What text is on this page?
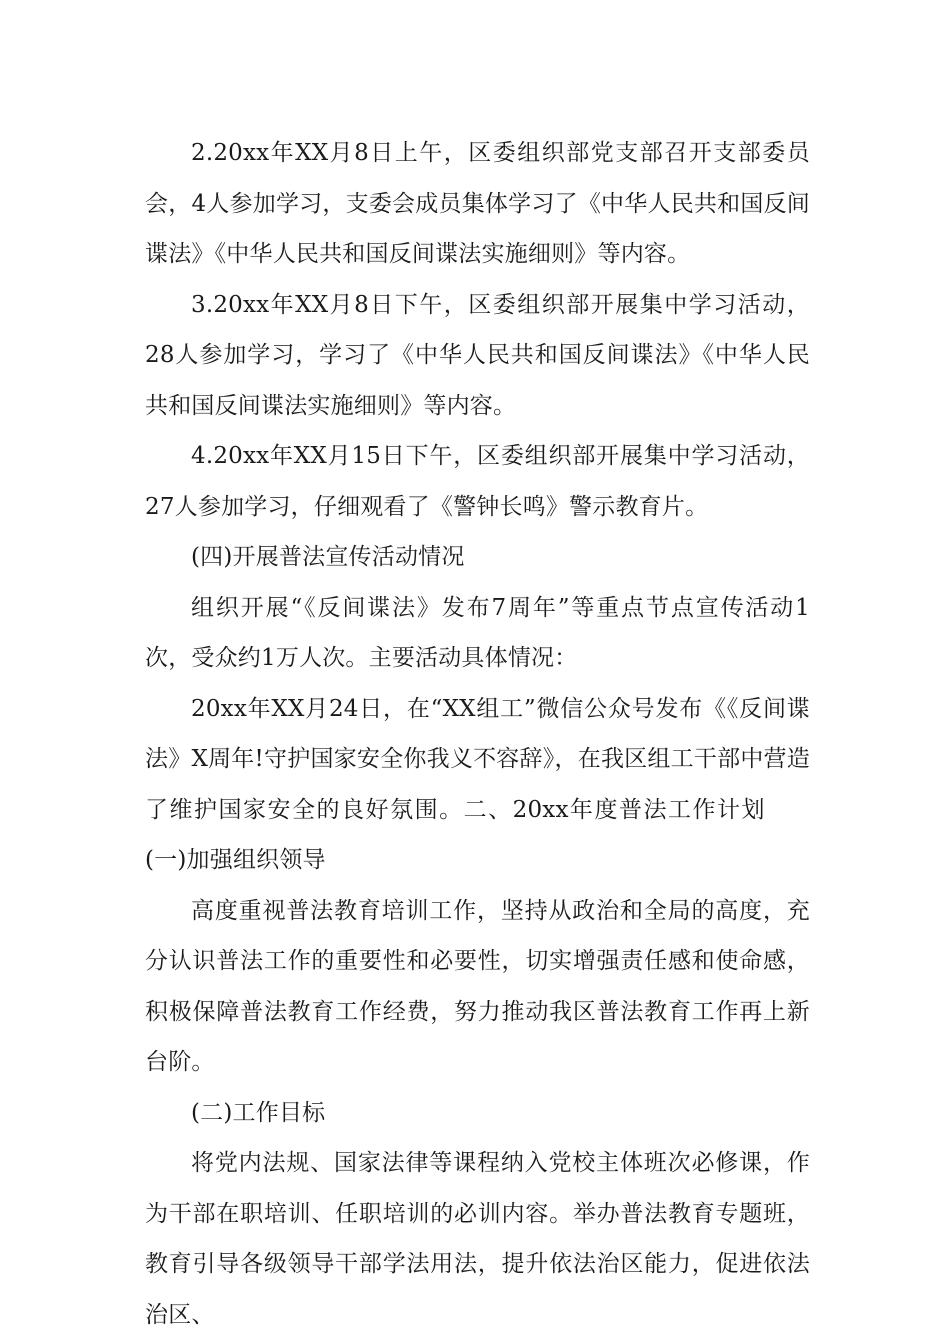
2.20xx年XX月8日上午，区委组织部党支部召开支部委员会，4人参加学习，支委会成员集体学习了《中华人民共和国反间谍法》《中华人民共和国反间谍法实施细则》等内容。

3.20xx年XX月8日下午，区委组织部开展集中学习活动，28人参加学习，学习了《中华人民共和国反间谍法》《中华人民共和国反间谍法实施细则》等内容。

4.20xx年XX月15日下午，区委组织部开展集中学习活动，27人参加学习，仔细观看了《警钟长鸣》警示教育片。

(四)开展普法宣传活动情况

组织开展“《反间谍法》发布7周年”等重点节点宣传活动1次，受众约1万人次。主要活动具体情况：

20xx年XX月24日，在“XX组工”微信公众号发布《《反间谍法》X周年!守护国家安全你我义不容辞》，在我区组工干部中营造了维护国家安全的良好氛围。二、20xx年度普法工作计划(一)加强组织领导

高度重视普法教育培训工作，坚持从政治和全局的高度，充分认识普法工作的重要性和必要性，切实增强责任感和使命感，积极保障普法教育工作经费，努力推动我区普法教育工作再上新台阶。

(二)工作目标

将党内法规、国家法律等课程纳入党校主体班次必修课，作为干部在职培训、任职培训的必训内容。举办普法教育专题班，教育引导各级领导干部学法用法，提升依法治区能力，促进依法治区、
